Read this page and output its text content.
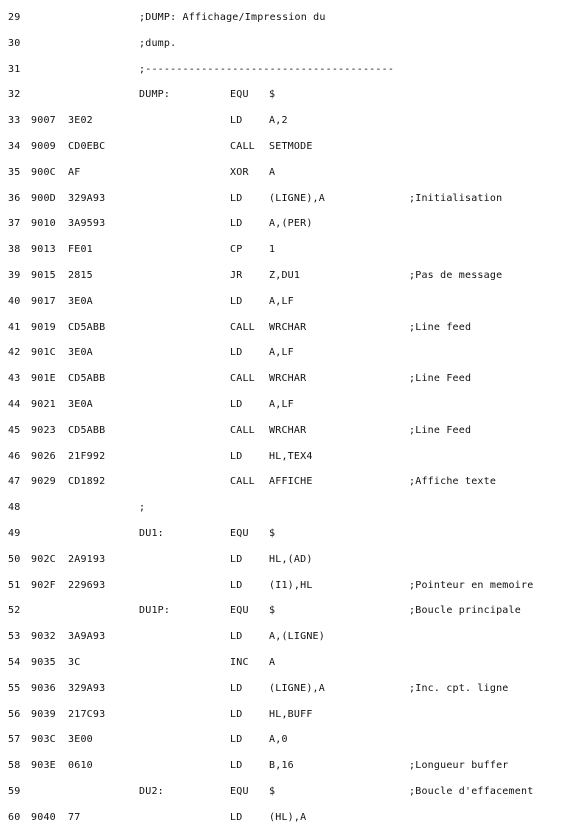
29	;DUMP: Affichage/Impression du
30	;dump.
31	;----------------------------------------
32	DUMP:	EQU $
33 9007 3E02	LD	A,2
34 9009 CD0EBC	CALL SETMODE
35 900C AF	XOR A
36 900D 329A93	LD	(LIGNE),A	;Initialisation
37 9010 3A9593	LD	A,(PER)
38 9013 FE01	CP	1
39 9015 2815	JR	Z,DU1	;Pas de message
40 9017 3E0A	LD	A,LF
41 9019 CD5ABB	CALL WRCHAR	;Line feed
42 901C 3E0A	LD	A,LF
43 901E CD5ABB	CALL WRCHAR	;Line Feed
44 9021 3E0A	LD	A,LF
45 9023 CD5ABB	CALL WRCHAR	;Line Feed
46 9026 21F992	LD	HL,TEX4
47 9029 CD1892	CALL AFFICHE	;Affiche texte
48	;
49	DU1:	EQU $
50 902C 2A9193	LD	HL,(AD)
51 902F 229693	LD	(I1),HL	;Pointeur en memoire
52	DU1P:	EQU $	;Boucle principale
53 9032 3A9A93	LD	A,(LIGNE)
54 9035 3C	INC A
55 9036 329A93	LD	(LIGNE),A	;Inc. cpt. ligne
56 9039 217C93	LD	HL,BUFF
57 903C 3E00	LD	A,0
58 903E 0610	LD	B,16	;Longueur buffer
59	DU2:	EQU $	;Boucle d'effacement
60 9040 77	LD	(HL),A
